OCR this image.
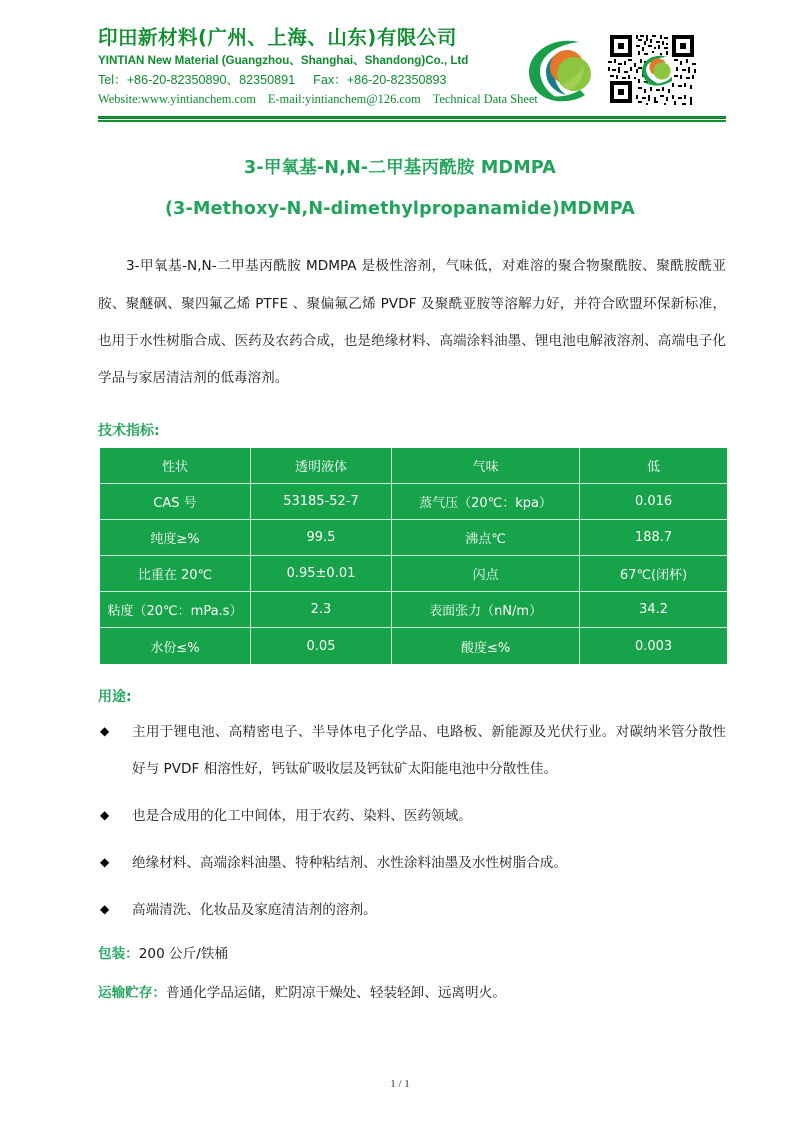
印田新材料(广州、上海、山东)有限公司
YINTIAN New Material (Guangzhou、Shanghai、Shandong)Co., Ltd
Tel：+86-20-82350890、82350891 Fax：+86-20-82350893
Website:www.yintianchem.com E-mail:yintianchem@126.com Technical Data Sheet
3-甲氧基-N,N-二甲基丙酰胺 MDMPA
(3-Methoxy-N,N-dimethylpropanamide)MDMPA

3-甲氧基-N,N-二甲基丙酰胺 MDMPA 是极性溶剂，气味低，对难溶的聚合物聚酰胺、聚酰胺酰亚胺、聚醚砜、聚四氟乙烯 PTFE 、聚偏氟乙烯 PVDF 及聚酰亚胺等溶解力好，并符合欧盟环保新标准，也用于水性树脂合成、医药及农药合成，也是绝缘材料、高端涂料油墨、锂电池电解液溶剂、高端电子化学品与家居清洁剂的低毒溶剂。

技术指标:
性状	透明液体	气味	低
CAS 号	53185-52-7	蒸气压（20℃：kpa）	0.016
纯度≥%	99.5	沸点℃	188.7
比重在 20℃	0.95±0.01	闪点	67℃(闭杯)
粘度（20℃：mPa.s）	2.3	表面张力（nN/m）	34.2
水份≤%	0.05	酸度≤%	0.003
用途:
◆ 主用于锂电池、高精密电子、半导体电子化学品、电路板、新能源及光伏行业。对碳纳米管分散性好与 PVDF 相溶性好，钙钛矿吸收层及钙钛矿太阳能电池中分散性佳。
◆ 也是合成用的化工中间体，用于农药、染料、医药领域。
◆ 绝缘材料、高端涂料油墨、特种粘结剂、水性涂料油墨及水性树脂合成。
◆ 高端清洗、化妆品及家庭清洁剂的溶剂。
包装：200 公斤/铁桶
运输贮存：普通化学品运储，贮阴凉干燥处、轻装轻卸、远离明火。
1 / 1
